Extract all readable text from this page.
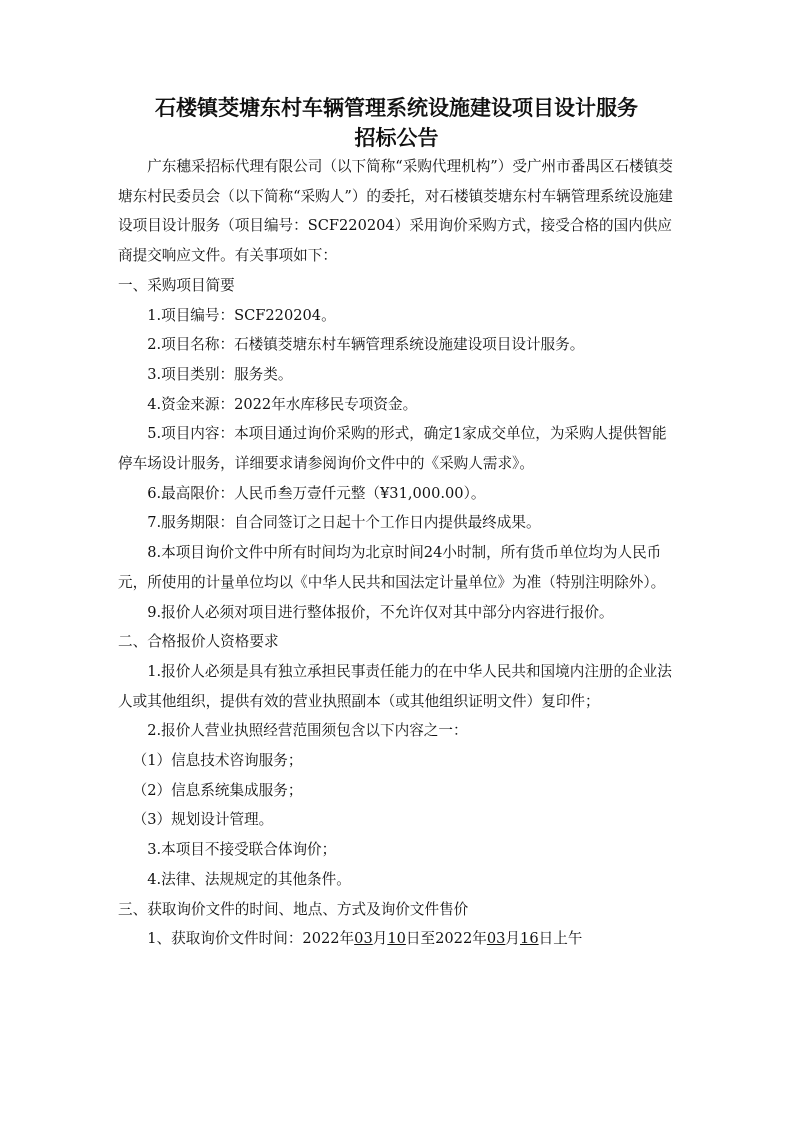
石楼镇茭塘东村车辆管理系统设施建设项目设计服务
招标公告

广东穗采招标代理有限公司（以下简称“采购代理机构”）受广州市番禺区石楼镇茭塘东村民委员会（以下简称“采购人”）的委托，对石楼镇茭塘东村车辆管理系统设施建设项目设计服务（项目编号：SCF220204）采用询价采购方式，接受合格的国内供应商提交响应文件。有关事项如下：

一、采购项目简要

1.项目编号：SCF220204。

2.项目名称：石楼镇茭塘东村车辆管理系统设施建设项目设计服务。

3.项目类别：服务类。

4.资金来源：2022年水库移民专项资金。

5.项目内容：本项目通过询价采购的形式，确定1家成交单位，为采购人提供智能停车场设计服务，详细要求请参阅询价文件中的《采购人需求》。

6.最高限价：人民币叁万壹仟元整（¥31,000.00）。

7.服务期限：自合同签订之日起十个工作日内提供最终成果。

8.本项目询价文件中所有时间均为北京时间24小时制，所有货币单位均为人民币元，所使用的计量单位均以《中华人民共和国法定计量单位》为准（特别注明除外）。

9.报价人必须对项目进行整体报价，不允许仅对其中部分内容进行报价。

二、合格报价人资格要求

1.报价人必须是具有独立承担民事责任能力的在中华人民共和国境内注册的企业法人或其他组织，提供有效的营业执照副本（或其他组织证明文件）复印件；

2.报价人营业执照经营范围须包含以下内容之一：

（1）信息技术咨询服务；

（2）信息系统集成服务；

（3）规划设计管理。

3.本项目不接受联合体询价；

4.法律、法规规定的其他条件。

三、获取询价文件的时间、地点、方式及询价文件售价

1、获取询价文件时间：2022年03月10日至2022年03月16日上午
